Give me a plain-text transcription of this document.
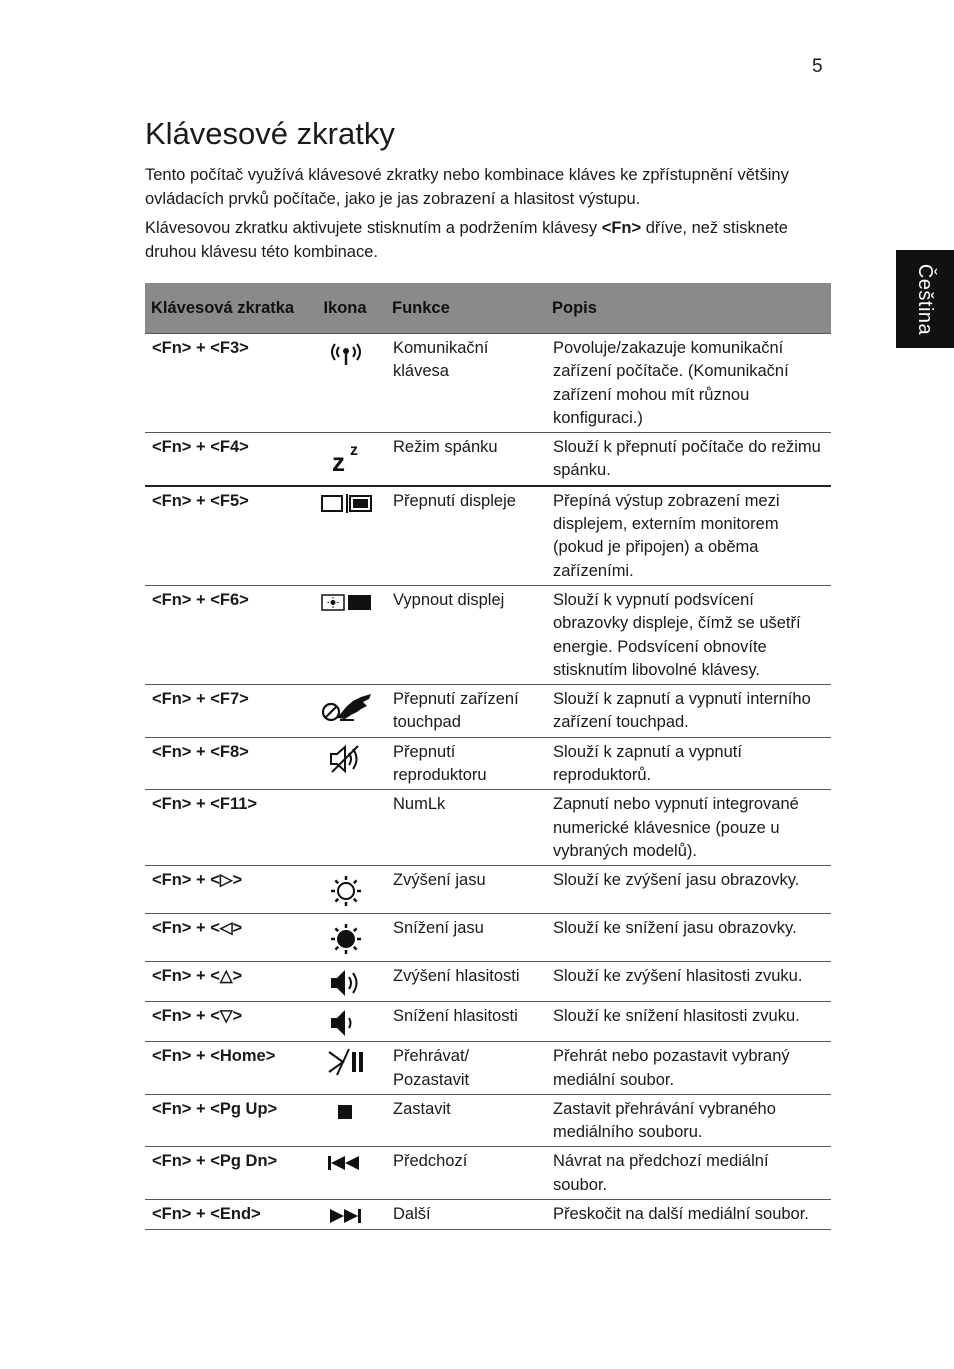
5
Čeština
Klávesové zkratky

Tento počítač využívá klávesové zkratky nebo kombinace kláves ke zpřístupnění většiny ovládacích prvků počítače, jako je jas zobrazení a hlasitost výstupu.

Klávesovou zkratku aktivujete stisknutím a podržením klávesy <Fn> dříve, než stisknete druhou klávesu této kombinace.

Klávesová zkratka	Ikona	Funkce	Popis
<Fn> + <F3>		Komunikační klávesa	Povoluje/zakazuje komunikační zařízení počítače. (Komunikační zařízení mohou mít různou konfiguraci.)
<Fn> + <F4>	z z	Režim spánku	Slouží k přepnutí počítače do režimu spánku.
<Fn> + <F5>		Přepnutí displeje	Přepíná výstup zobrazení mezi displejem, externím monitorem (pokud je připojen) a oběma zařízeními.
<Fn> + <F6>		Vypnout displej	Slouží k vypnutí podsvícení obrazovky displeje, čímž se ušetří energie. Podsvícení obnovíte stisknutím libovolné klávesy.
<Fn> + <F7>		Přepnutí zařízení touchpad	Slouží k zapnutí a vypnutí interního zařízení touchpad.
<Fn> + <F8>		Přepnutí reproduktoru	Slouží k zapnutí a vypnutí reproduktorů.
<Fn> + <F11>		NumLk	Zapnutí nebo vypnutí integrované numerické klávesnice (pouze u vybraných modelů).
<Fn> + <▷>		Zvýšení jasu	Slouží ke zvýšení jasu obrazovky.
<Fn> + <◁>		Snížení jasu	Slouží ke snížení jasu obrazovky.
<Fn> + <△>		Zvýšení hlasitosti	Slouží ke zvýšení hlasitosti zvuku.
<Fn> + <▽>		Snížení hlasitosti	Slouží ke snížení hlasitosti zvuku.
<Fn> + <Home>		Přehrávat/ Pozastavit	Přehrát nebo pozastavit vybraný mediální soubor.
<Fn> + <Pg Up>		Zastavit	Zastavit přehrávání vybraného mediálního souboru.
<Fn> + <Pg Dn>		Předchozí	Návrat na předchozí mediální soubor.
<Fn> + <End>		Další	Přeskočit na další mediální soubor.
